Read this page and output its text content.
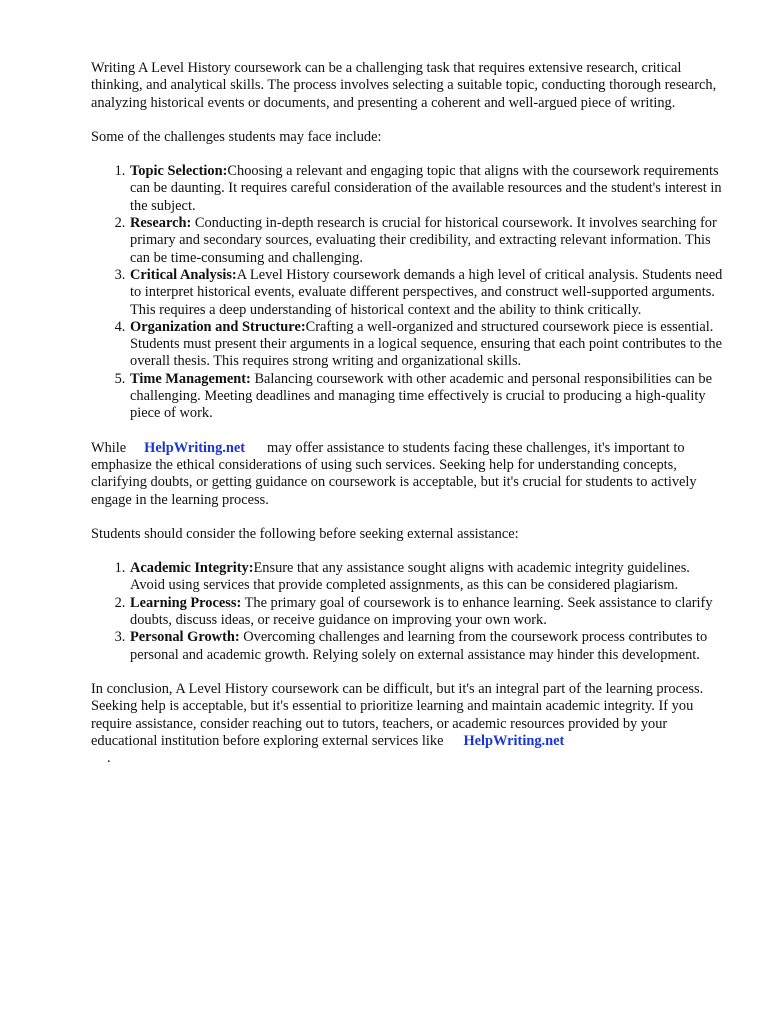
Writing A Level History coursework can be a challenging task that requires extensive research, critical thinking, and analytical skills. The process involves selecting a suitable topic, conducting thorough research, analyzing historical events or documents, and presenting a coherent and well-argued piece of writing.

Some of the challenges students may face include:

1. Topic Selection:Choosing a relevant and engaging topic that aligns with the coursework requirements can be daunting. It requires careful consideration of the available resources and the student's interest in the subject.
2. Research: Conducting in-depth research is crucial for historical coursework. It involves searching for primary and secondary sources, evaluating their credibility, and extracting relevant information. This can be time-consuming and challenging.
3. Critical Analysis:A Level History coursework demands a high level of critical analysis. Students need to interpret historical events, evaluate different perspectives, and construct well-supported arguments. This requires a deep understanding of historical context and the ability to think critically.
4. Organization and Structure:Crafting a well-organized and structured coursework piece is essential. Students must present their arguments in a logical sequence, ensuring that each point contributes to the overall thesis. This requires strong writing and organizational skills.
5. Time Management: Balancing coursework with other academic and personal responsibilities can be challenging. Meeting deadlines and managing time effectively is crucial to producing a high-quality piece of work.

While HelpWriting.net may offer assistance to students facing these challenges, it's important to emphasize the ethical considerations of using such services. Seeking help for understanding concepts, clarifying doubts, or getting guidance on coursework is acceptable, but it's crucial for students to actively engage in the learning process.

Students should consider the following before seeking external assistance:

1. Academic Integrity:Ensure that any assistance sought aligns with academic integrity guidelines. Avoid using services that provide completed assignments, as this can be considered plagiarism.
2. Learning Process: The primary goal of coursework is to enhance learning. Seek assistance to clarify doubts, discuss ideas, or receive guidance on improving your own work.
3. Personal Growth: Overcoming challenges and learning from the coursework process contributes to personal and academic growth. Relying solely on external assistance may hinder this development.

In conclusion, A Level History coursework can be difficult, but it's an integral part of the learning process. Seeking help is acceptable, but it's essential to prioritize learning and maintain academic integrity. If you require assistance, consider reaching out to tutors, teachers, or academic resources provided by your educational institution before exploring external services like HelpWriting.net
.
